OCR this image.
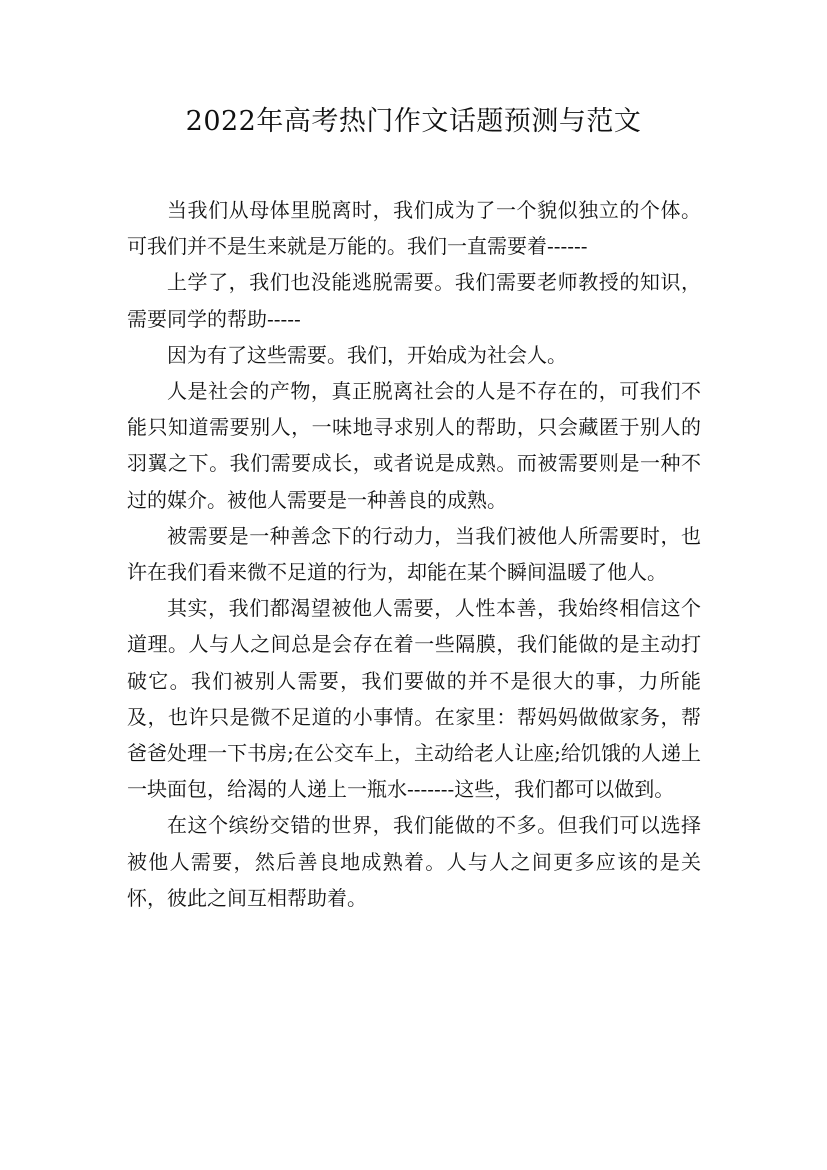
2022年高考热门作文话题预测与范文

当我们从母体里脱离时，我们成为了一个貌似独立的个体。可我们并不是生来就是万能的。我们一直需要着------

上学了，我们也没能逃脱需要。我们需要老师教授的知识，需要同学的帮助-----

因为有了这些需要。我们，开始成为社会人。

人是社会的产物，真正脱离社会的人是不存在的，可我们不能只知道需要别人，一味地寻求别人的帮助，只会藏匿于别人的羽翼之下。我们需要成长，或者说是成熟。而被需要则是一种不过的媒介。被他人需要是一种善良的成熟。

被需要是一种善念下的行动力，当我们被他人所需要时，也许在我们看来微不足道的行为，却能在某个瞬间温暖了他人。

其实，我们都渴望被他人需要，人性本善，我始终相信这个道理。人与人之间总是会存在着一些隔膜，我们能做的是主动打破它。我们被别人需要，我们要做的并不是很大的事，力所能及，也许只是微不足道的小事情。在家里：帮妈妈做做家务，帮爸爸处理一下书房;在公交车上，主动给老人让座;给饥饿的人递上一块面包，给渴的人递上一瓶水-------这些，我们都可以做到。

在这个缤纷交错的世界，我们能做的不多。但我们可以选择被他人需要，然后善良地成熟着。人与人之间更多应该的是关怀，彼此之间互相帮助着。
